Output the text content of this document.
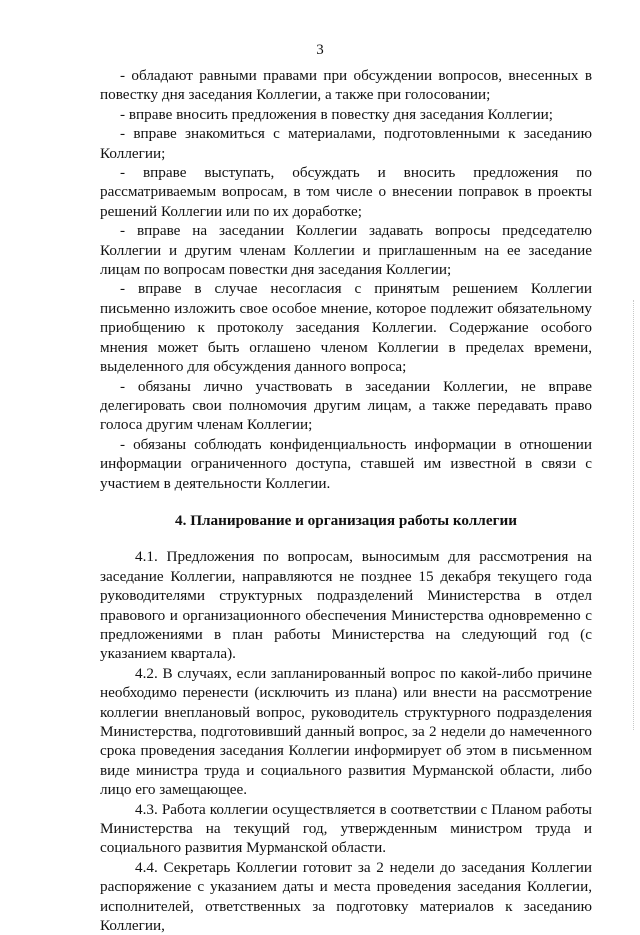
3

- обладают равными правами при обсуждении вопросов, внесенных в повестку дня заседания Коллегии, а также при голосовании;

- вправе вносить предложения в повестку дня заседания Коллегии;

- вправе знакомиться с материалами, подготовленными к заседанию Коллегии;

- вправе выступать, обсуждать и вносить предложения по рассматриваемым вопросам, в том числе о внесении поправок в проекты решений Коллегии или по их доработке;

- вправе на заседании Коллегии задавать вопросы председателю Коллегии и другим членам Коллегии и приглашенным на ее заседание лицам по вопросам повестки дня заседания Коллегии;

- вправе в случае несогласия с принятым решением Коллегии письменно изложить свое особое мнение, которое подлежит обязательному приобщению к протоколу заседания Коллегии. Содержание особого мнения может быть оглашено членом Коллегии в пределах времени, выделенного для обсуждения данного вопроса;

- обязаны лично участвовать в заседании Коллегии, не вправе делегировать свои полномочия другим лицам, а также передавать право голоса другим членам Коллегии;

- обязаны соблюдать конфиденциальность информации в отношении информации ограниченного доступа, ставшей им известной в связи с участием в деятельности Коллегии.

4. Планирование и организация работы коллегии

4.1. Предложения по вопросам, выносимым для рассмотрения на заседание Коллегии, направляются не позднее 15 декабря текущего года руководителями структурных подразделений Министерства в отдел правового и организационного обеспечения Министерства одновременно с предложениями в план работы Министерства на следующий год (с указанием квартала).

4.2. В случаях, если запланированный вопрос по какой-либо причине необходимо перенести (исключить из плана) или внести на рассмотрение коллегии внеплановый вопрос, руководитель структурного подразделения Министерства, подготовивший данный вопрос, за 2 недели до намеченного срока проведения заседания Коллегии информирует об этом в письменном виде министра труда и социального развития Мурманской области, либо лицо его замещающее.

4.3. Работа коллегии осуществляется в соответствии с Планом работы Министерства на текущий год, утвержденным министром труда и социального развития Мурманской области.

4.4. Секретарь Коллегии готовит за 2 недели до заседания Коллегии распоряжение с указанием даты и места проведения заседания Коллегии, исполнителей, ответственных за подготовку материалов к заседанию Коллегии,
